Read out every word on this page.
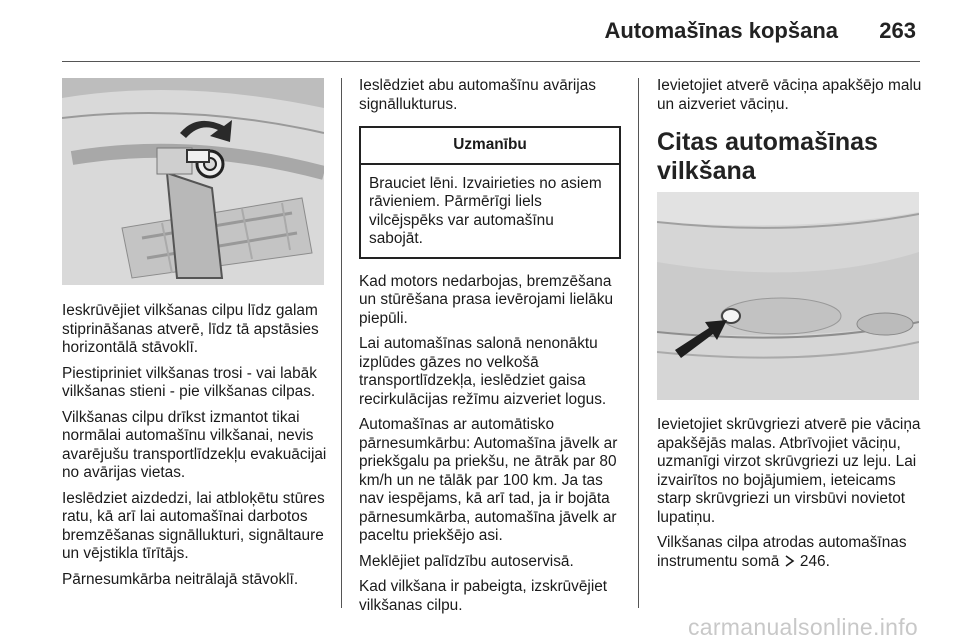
Automašīnas kopšana 263

Ieskrūvējiet vilkšanas cilpu līdz galam stiprināšanas atverē, līdz tā apstāsies horizontālā stāvoklī.

Piestipriniet vilkšanas trosi - vai labāk vilkšanas stieni - pie vilkšanas cilpas.

Vilkšanas cilpu drīkst izmantot tikai normālai automašīnu vilkšanai, nevis avarējušu transportlīdzekļu evakuācijai no avārijas vietas.

Ieslēdziet aizdedzi, lai atbloķētu stūres ratu, kā arī lai automašīnai darbotos bremzēšanas signāllukturi, signāltaure un vējstikla tīrītājs.

Pārnesumkārba neitrālajā stāvoklī.

Ieslēdziet abu automašīnu avārijas signāllukturus.

Uzmanību
Brauciet lēni. Izvairieties no asiem rāvieniem. Pārmērīgi liels vilcējspēks var automašīnu sabojāt.

Kad motors nedarbojas, bremzēšana un stūrēšana prasa ievērojami lielāku piepūli.

Lai automašīnas salonā nenonāktu izplūdes gāzes no velkošā transportlīdzekļa, ieslēdziet gaisa recirkulācijas režīmu aizveriet logus.

Automašīnas ar automātisko pārnesumkārbu: Automašīna jāvelk ar priekšgalu pa priekšu, ne ātrāk par 80 km/h un ne tālāk par 100 km. Ja tas nav iespējams, kā arī tad, ja ir bojāta pārnesumkārba, automašīna jāvelk ar paceltu priekšējo asi.

Meklējiet palīdzību autoservisā.

Kad vilkšana ir pabeigta, izskrūvējiet vilkšanas cilpu.

Ievietojiet atverē vāciņa apakšējo malu un aizveriet vāciņu.

Citas automašīnas vilkšana

Ievietojiet skrūvgriezi atverē pie vāciņa apakšējās malas. Atbrīvojiet vāciņu, uzmanīgi virzot skrūvgriezi uz leju. Lai izvairītos no bojājumiem, ieteicams starp skrūvgriezi un virsbūvi novietot lupatiņu.

Vilkšanas cilpa atrodas automašīnas instrumentu somā 246.

carmanualsonline.info
